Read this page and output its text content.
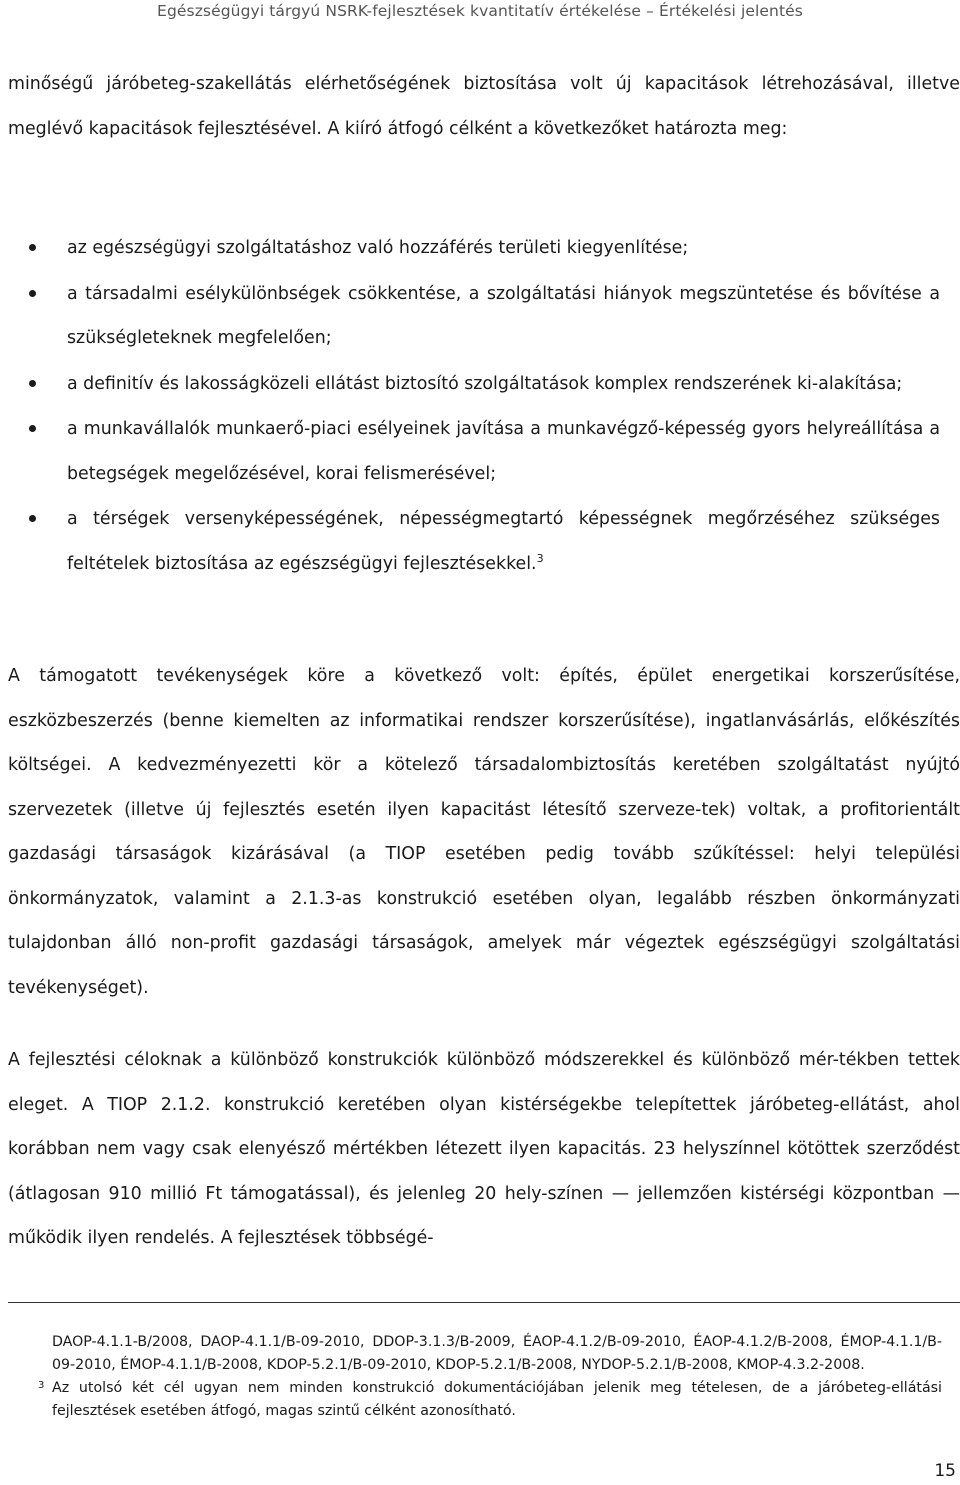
Egészségügyi tárgyú NSRK-fejlesztések kvantitatív értékelése – Értékelési jelentés

minőségű járóbeteg-szakellátás elérhetőségének biztosítása volt új kapacitások létrehozásával, illetve meglévő kapacitások fejlesztésével. A kiíró átfogó célként a következőket határozta meg:

az egészségügyi szolgáltatáshoz való hozzáférés területi kiegyenlítése;
a társadalmi esélykülönbségek csökkentése, a szolgáltatási hiányok megszüntetése és bővítése a szükségleteknek megfelelően;
a definitív és lakosságközeli ellátást biztosító szolgáltatások komplex rendszerének ki-alakítása;
a munkavállalók munkaerő-piaci esélyeinek javítása a munkavégző-képesség gyors helyreállítása a betegségek megelőzésével, korai felismerésével;
a térségek versenyképességének, népességmegtartó képességnek megőrzéséhez szükséges feltételek biztosítása az egészségügyi fejlesztésekkel.$^3$

A támogatott tevékenységek köre a következő volt: építés, épület energetikai korszerűsítése, eszközbeszerzés (benne kiemelten az informatikai rendszer korszerűsítése), ingatlanvásárlás, előkészítés költségei. A kedvezményezetti kör a kötelező társadalombiztosítás keretében szolgáltatást nyújtó szervezetek (illetve új fejlesztés esetén ilyen kapacitást létesítő szerveze-tek) voltak, a profitorientált gazdasági társaságok kizárásával (a TIOP esetében pedig tovább szűkítéssel: helyi települési önkormányzatok, valamint a 2.1.3-as konstrukció esetében olyan, legalább részben önkormányzati tulajdonban álló non-profit gazdasági társaságok, amelyek már végeztek egészségügyi szolgáltatási tevékenységet).

A fejlesztési céloknak a különböző konstrukciók különböző módszerekkel és különböző mér-tékben tettek eleget. A TIOP 2.1.2. konstrukció keretében olyan kistérségekbe telepítettek járóbeteg-ellátást, ahol korábban nem vagy csak elenyésző mértékben létezett ilyen kapacitás. 23 helyszínnel kötöttek szerződést (átlagosan 910 millió Ft támogatással), és jelenleg 20 hely-színen — jellemzően kistérségi központban — működik ilyen rendelés. A fejlesztések többségé-

DAOP-4.1.1-B/2008, DAOP-4.1.1/B-09-2010, DDOP-3.1.3/B-2009, ÉAOP-4.1.2/B-09-2010, ÉAOP-4.1.2/B-2008, ÉMOP-4.1.1/B-09-2010, ÉMOP-4.1.1/B-2008, KDOP-5.2.1/B-09-2010, KDOP-5.2.1/B-2008, NYDOP-5.2.1/B-2008, KMOP-4.3.2-2008.

3 Az utolsó két cél ugyan nem minden konstrukció dokumentációjában jelenik meg tételesen, de a járóbeteg-ellátási fejlesztések esetében átfogó, magas szintű célként azonosítható.

15
